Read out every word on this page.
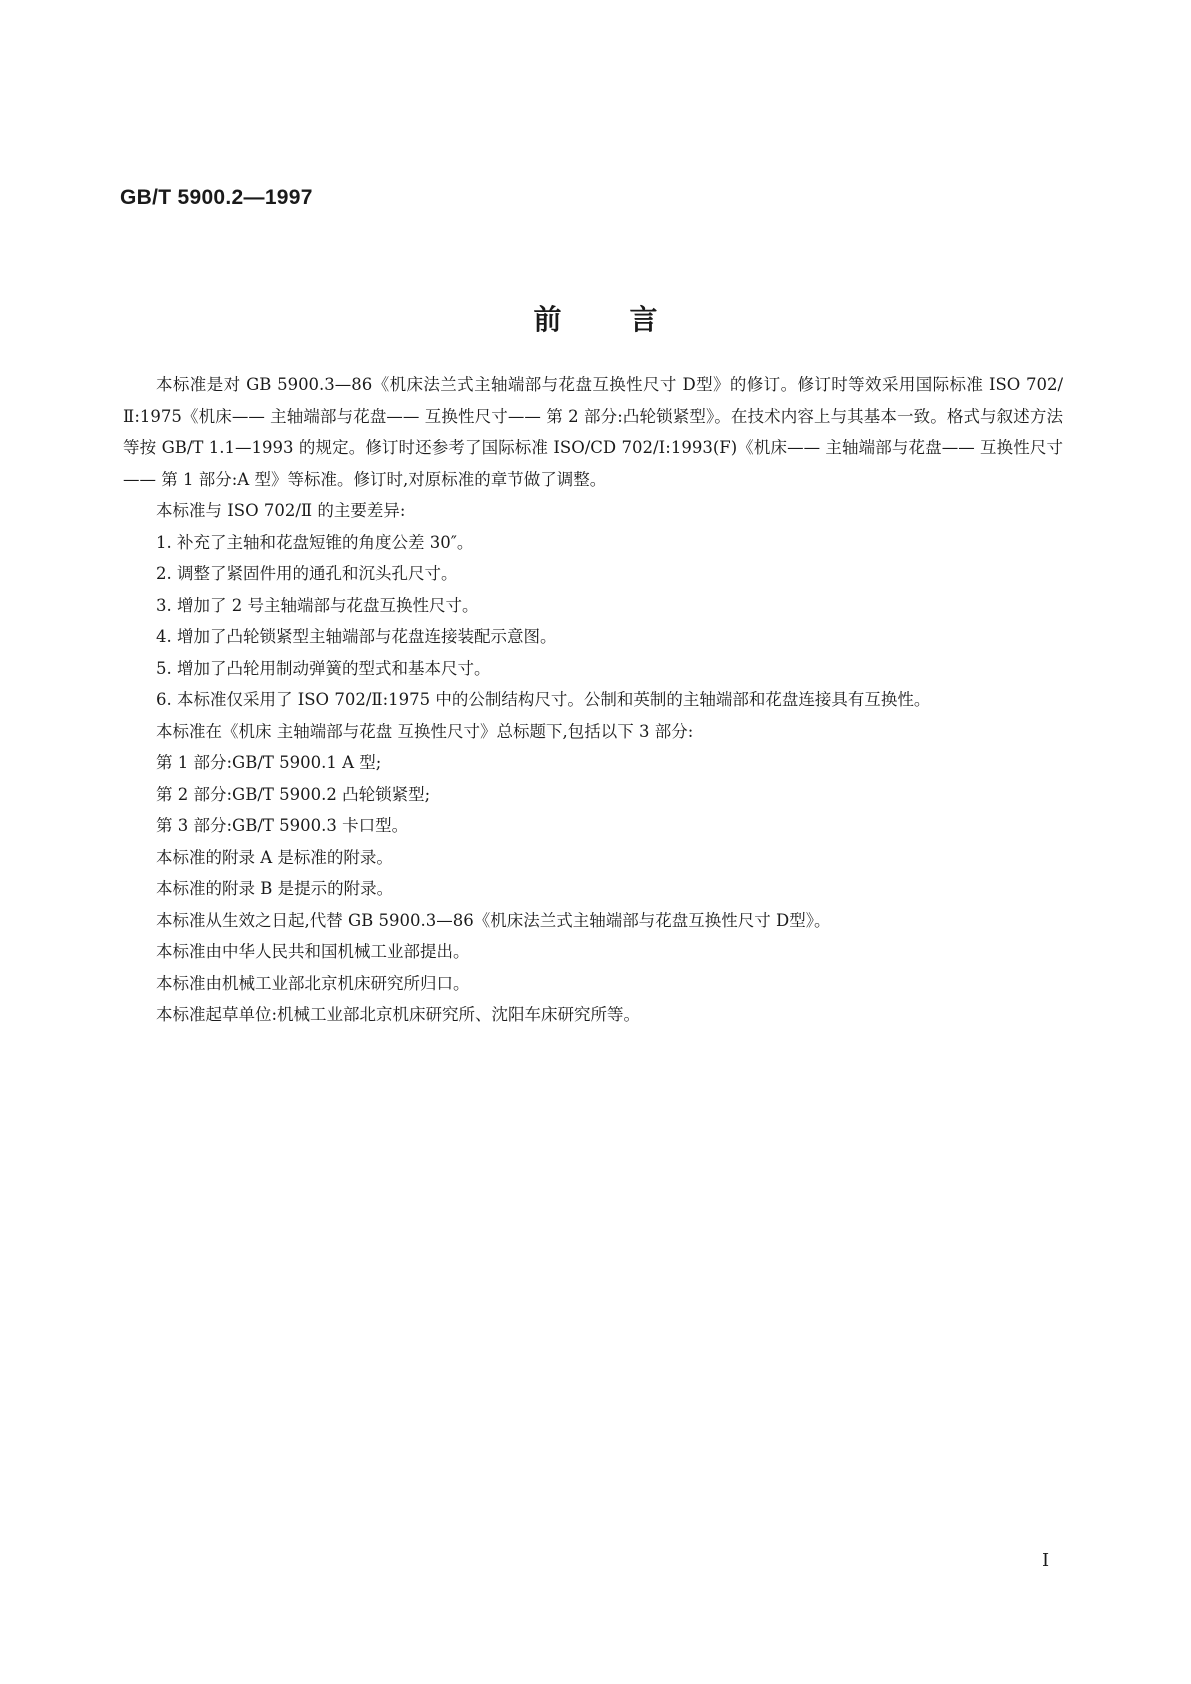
GB/T 5900.2—1997
前言

本标准是对 GB 5900.3—86《机床法兰式主轴端部与花盘互换性尺寸 D型》的修订。修订时等效采用国际标准 ISO 702/Ⅱ:1975《机床—— 主轴端部与花盘—— 互换性尺寸—— 第 2 部分:凸轮锁紧型》。在技术内容上与其基本一致。格式与叙述方法等按 GB/T 1.1—1993 的规定。修订时还参考了国际标准 ISO/CD 702/Ⅰ:1993(F)《机床—— 主轴端部与花盘—— 互换性尺寸—— 第 1 部分:A 型》等标准。修订时,对原标准的章节做了调整。

本标准与 ISO 702/Ⅱ 的主要差异:

1. 补充了主轴和花盘短锥的角度公差 30″。

2. 调整了紧固件用的通孔和沉头孔尺寸。

3. 增加了 2 号主轴端部与花盘互换性尺寸。

4. 增加了凸轮锁紧型主轴端部与花盘连接装配示意图。

5. 增加了凸轮用制动弹簧的型式和基本尺寸。

6. 本标准仅采用了 ISO 702/Ⅱ:1975 中的公制结构尺寸。公制和英制的主轴端部和花盘连接具有互换性。

本标准在《机床 主轴端部与花盘 互换性尺寸》总标题下,包括以下 3 部分:

第 1 部分:GB/T 5900.1 A 型;

第 2 部分:GB/T 5900.2 凸轮锁紧型;

第 3 部分:GB/T 5900.3 卡口型。

本标准的附录 A 是标准的附录。

本标准的附录 B 是提示的附录。

本标准从生效之日起,代替 GB 5900.3—86《机床法兰式主轴端部与花盘互换性尺寸 D型》。

本标准由中华人民共和国机械工业部提出。

本标准由机械工业部北京机床研究所归口。

本标准起草单位:机械工业部北京机床研究所、沈阳车床研究所等。

I
